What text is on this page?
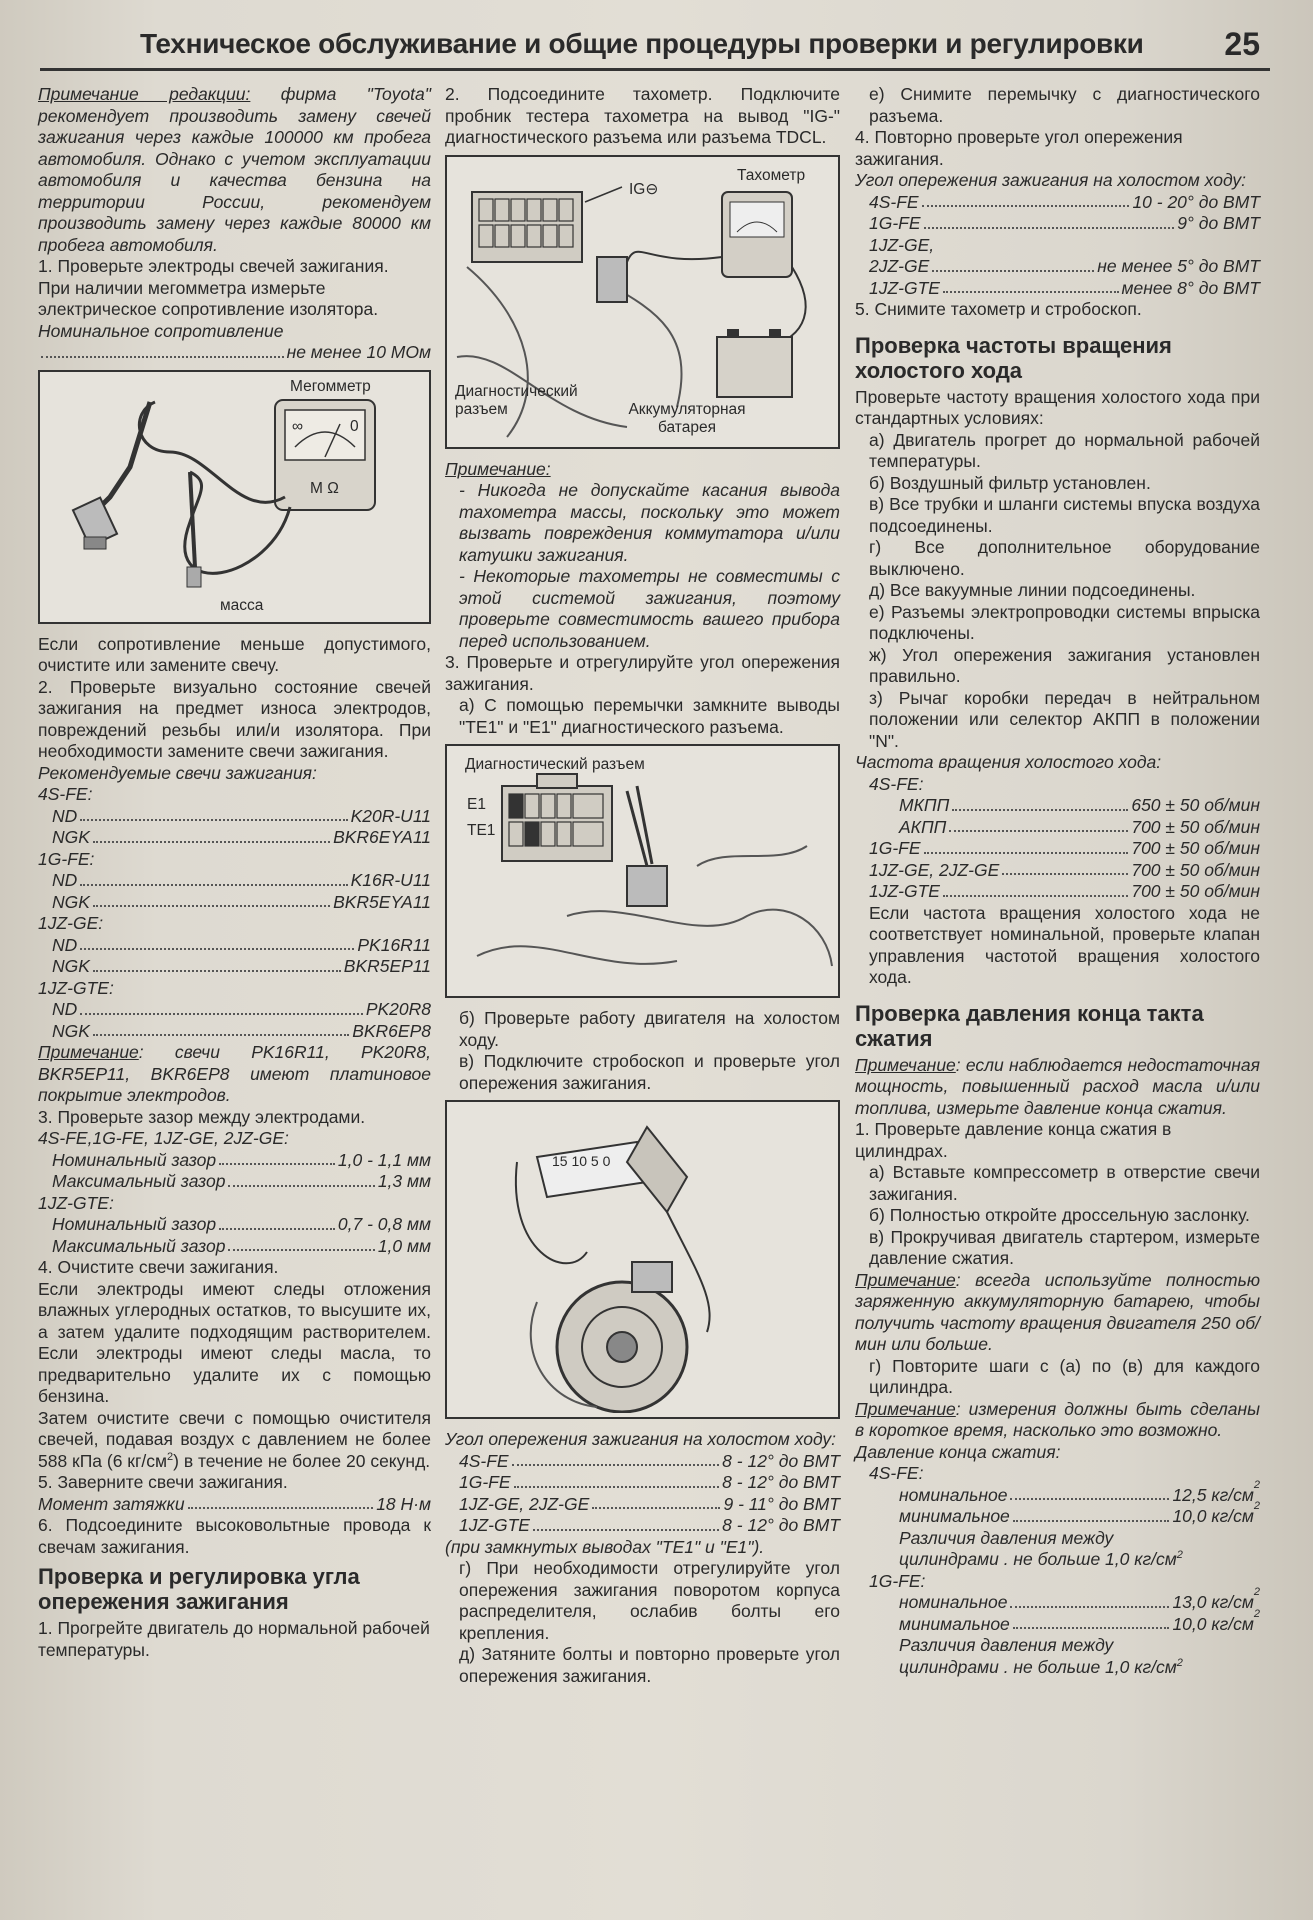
Техническое обслуживание и общие процедуры проверки и регулировки	25

Примечание редакции: фирма "Toyota" рекомендует производить замену свечей зажигания через каждые 100000 км пробега автомобиля. Однако с учетом эксплуатации автомобиля и качества бензина на территории России, рекомендуем производить замену через каждые 80000 км пробега автомобиля.

1. Проверьте электроды свечей зажигания.

При наличии мегомметра измерьте электрическое сопротивление изолятора.

Номинальное сопротивление

не менее 10 МОм
Мегомметр
∞	0
М Ω
масса

Если сопротивление меньше допустимого, очистите или замените свечу.

2. Проверьте визуально состояние свечей зажигания на предмет износа электродов, повреждений резьбы или/и изолятора. При необходимости замените свечи зажигания.

Рекомендуемые свечи зажигания:

4S-FE:

ND	K20R-U11
NGK	BKR6EYA11

1G-FE:

ND	K16R-U11
NGK	BKR5EYA11

1JZ-GE:

ND	PK16R11
NGK	BKR5EP11

1JZ-GTE:

ND	PK20R8
NGK	BKR6EP8

Примечание: свечи PK16R11, PK20R8, BKR5EP11, BKR6EP8 имеют платиновое покрытие электродов.

3. Проверьте зазор между электродами.

4S-FE,1G-FE, 1JZ-GE, 2JZ-GE:

Номинальный зазор	1,0 - 1,1 мм
Максимальный зазор	1,3 мм

1JZ-GTE:

Номинальный зазор	0,7 - 0,8 мм
Максимальный зазор	1,0 мм

4. Очистите свечи зажигания.

Если электроды имеют следы отложения влажных углеродных остатков, то высушите их, а затем удалите подходящим растворителем. Если электроды имеют следы масла, то предварительно удалите их с помощью бензина.

Затем очистите свечи с помощью очистителя свечей, подавая воздух с давлением не более 588 кПа (6 $кг/см^2$) в течение не более 20 секунд.

5. Заверните свечи зажигания.

Момент затяжки	18 Н·м

6. Подсоедините высоковольтные провода к свечам зажигания.

Проверка и регулировка угла опережения зажигания

1. Прогрейте двигатель до нормальной рабочей температуры.

2. Подсоедините тахометр. Подключите пробник тестера тахометра на вывод "IG-" диагностического разъема или разъема TDCL.

Тахометр
IG⊖
Диагностический разъем	Аккумуляторная батарея

Примечание:

- Никогда не допускайте касания вывода тахометра массы, поскольку это может вызвать повреждения коммутатора и/или катушки зажигания.

- Некоторые тахометры не совместимы с этой системой зажигания, поэтому проверьте совместимость вашего прибора перед использованием.

3. Проверьте и отрегулируйте угол опережения зажигания.

а) С помощью перемычки замкните выводы "TE1" и "E1" диагностического разъема.

Диагностический разъем
E1
TE1

б) Проверьте работу двигателя на холостом ходу.

в) Подключите стробоскоп и проверьте угол опережения зажигания.

15 10 5 0

Угол опережения зажигания на холостом ходу:

4S-FE	8 - 12° до ВМТ
1G-FE	8 - 12° до ВМТ
1JZ-GE, 2JZ-GE	9 - 11° до ВМТ
1JZ-GTE	8 - 12° до ВМТ

(при замкнутых выводах "TE1" и "E1").

г) При необходимости отрегулируйте угол опережения зажигания поворотом корпуса распределителя, ослабив болты его крепления.

д) Затяните болты и повторно проверьте угол опережения зажигания.

е) Снимите перемычку с диагностического разъема.

4. Повторно проверьте угол опережения зажигания.

Угол опережения зажигания на холостом ходу:

4S-FE	10 - 20° до ВМТ
1G-FE	9° до ВМТ

1JZ-GE,

2JZ-GE	не менее 5° до ВМТ
1JZ-GTE	менее 8° до ВМТ

5. Снимите тахометр и стробоскоп.

Проверка частоты вращения холостого хода

Проверьте частоту вращения холостого хода при стандартных условиях:

а) Двигатель прогрет до нормальной рабочей температуры.

б) Воздушный фильтр установлен.

в) Все трубки и шланги системы впуска воздуха подсоединены.

г) Все дополнительное оборудование выключено.

д) Все вакуумные линии подсоединены.

е) Разъемы электропроводки системы впрыска подключены.

ж) Угол опережения зажигания установлен правильно.

з) Рычаг коробки передач в нейтральном положении или селектор АКПП в положении "N".

Частота вращения холостого хода:

4S-FE:

МКПП	650 ± 50 об/мин
АКПП	700 ± 50 об/мин
1G-FE	700 ± 50 об/мин
1JZ-GE, 2JZ-GE	700 ± 50 об/мин
1JZ-GTE	700 ± 50 об/мин

Если частота вращения холостого хода не соответствует номинальной, проверьте клапан управления частотой вращения холостого хода.

Проверка давления конца такта сжатия

Примечание: если наблюдается недостаточная мощность, повышенный расход масла и/или топлива, измерьте давление конца сжатия.

1. Проверьте давление конца сжатия в цилиндрах.

а) Вставьте компрессометр в отверстие свечи зажигания.

б) Полностью откройте дроссельную заслонку.

в) Прокручивая двигатель стартером, измерьте давление сжатия.

Примечание: всегда используйте полностью заряженную аккумуляторную батарею, чтобы получить частоту вращения двигателя 250 об/мин или больше.

г) Повторите шаги с (а) по (в) для каждого цилиндра.

Примечание: измерения должны быть сделаны в короткое время, насколько это возможно.

Давление конца сжатия:

4S-FE:

номинальное	12,5 кг/см 2
минимальное	10,0 кг/см 2

Различия давления между

цилиндрами . не больше 1,0 $кг/см^2$

1G-FE:

номинальное	13,0 кг/см 2
минимальное	10,0 кг/см 2

Различия давления между

цилиндрами . не больше 1,0 $кг/см^2$
